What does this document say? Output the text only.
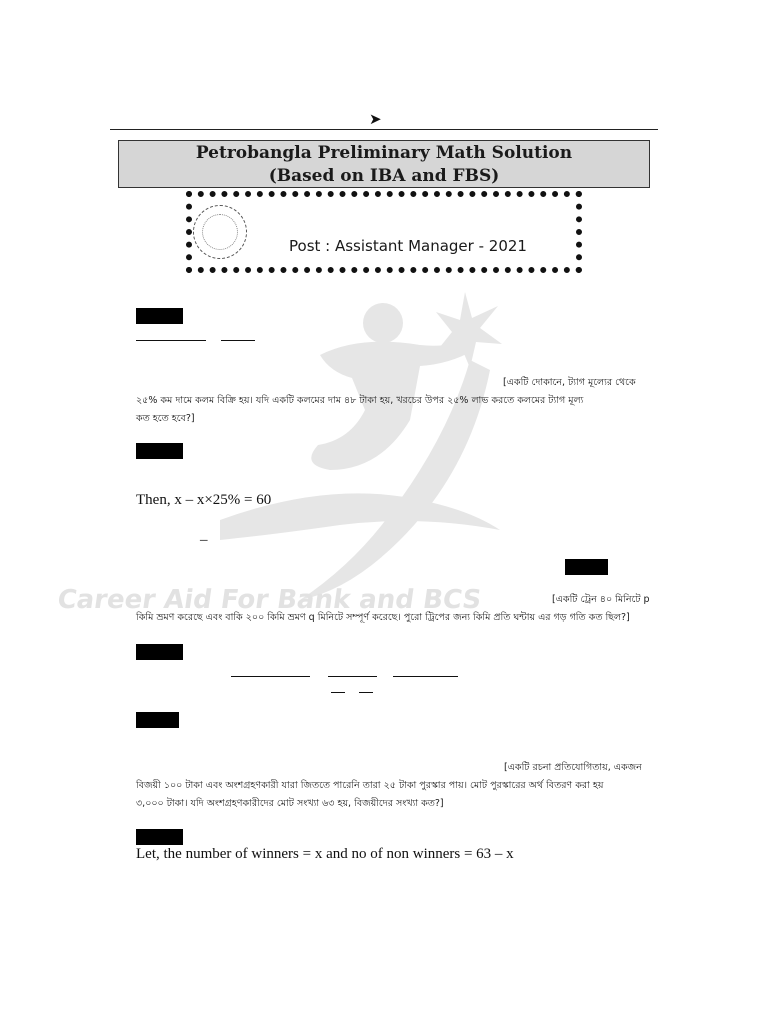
Career Aid For Bank and BCS
➤
Petrobangla Preliminary Math Solution
(Based on IBA and FBS)
Post : Assistant Manager - 2021
[একটি দোকানে, ট্যাগ মূল্যের থেকে
২৫% কম দামে কলম বিক্রি হয়। যদি একটি কলমের দাম ৪৮ টাকা হয়, খরচের উপর ২৫% লাভ করতে কলমের ট্যাগ মূল্য
কত হতে হবে?]
Then, x – x×25% = 60
–
[একটি ট্রেন ৪০ মিনিটে p
কিমি ভ্রমণ করেছে এবং বাকি ২০০ কিমি ভ্রমণ q মিনিটে সম্পূর্ণ করেছে। পুরো ট্রিপের জন্য কিমি প্রতি ঘন্টায় এর গড় গতি কত ছিল?]
[একটি রচনা প্রতিযোগিতায়, একজন
বিজয়ী ১০০ টাকা এবং অংশগ্রহণকারী যারা জিততে পারেনি তারা ২৫ টাকা পুরস্কার পায়। মোট পুরস্কারের অর্থ বিতরণ করা হয়
৩,০০০ টাকা। যদি অংশগ্রহণকারীদের মোট সংখ্যা ৬৩ হয়, বিজয়ীদের সংখ্যা কত?]
Let, the number of winners = x and no of non winners = 63 – x
